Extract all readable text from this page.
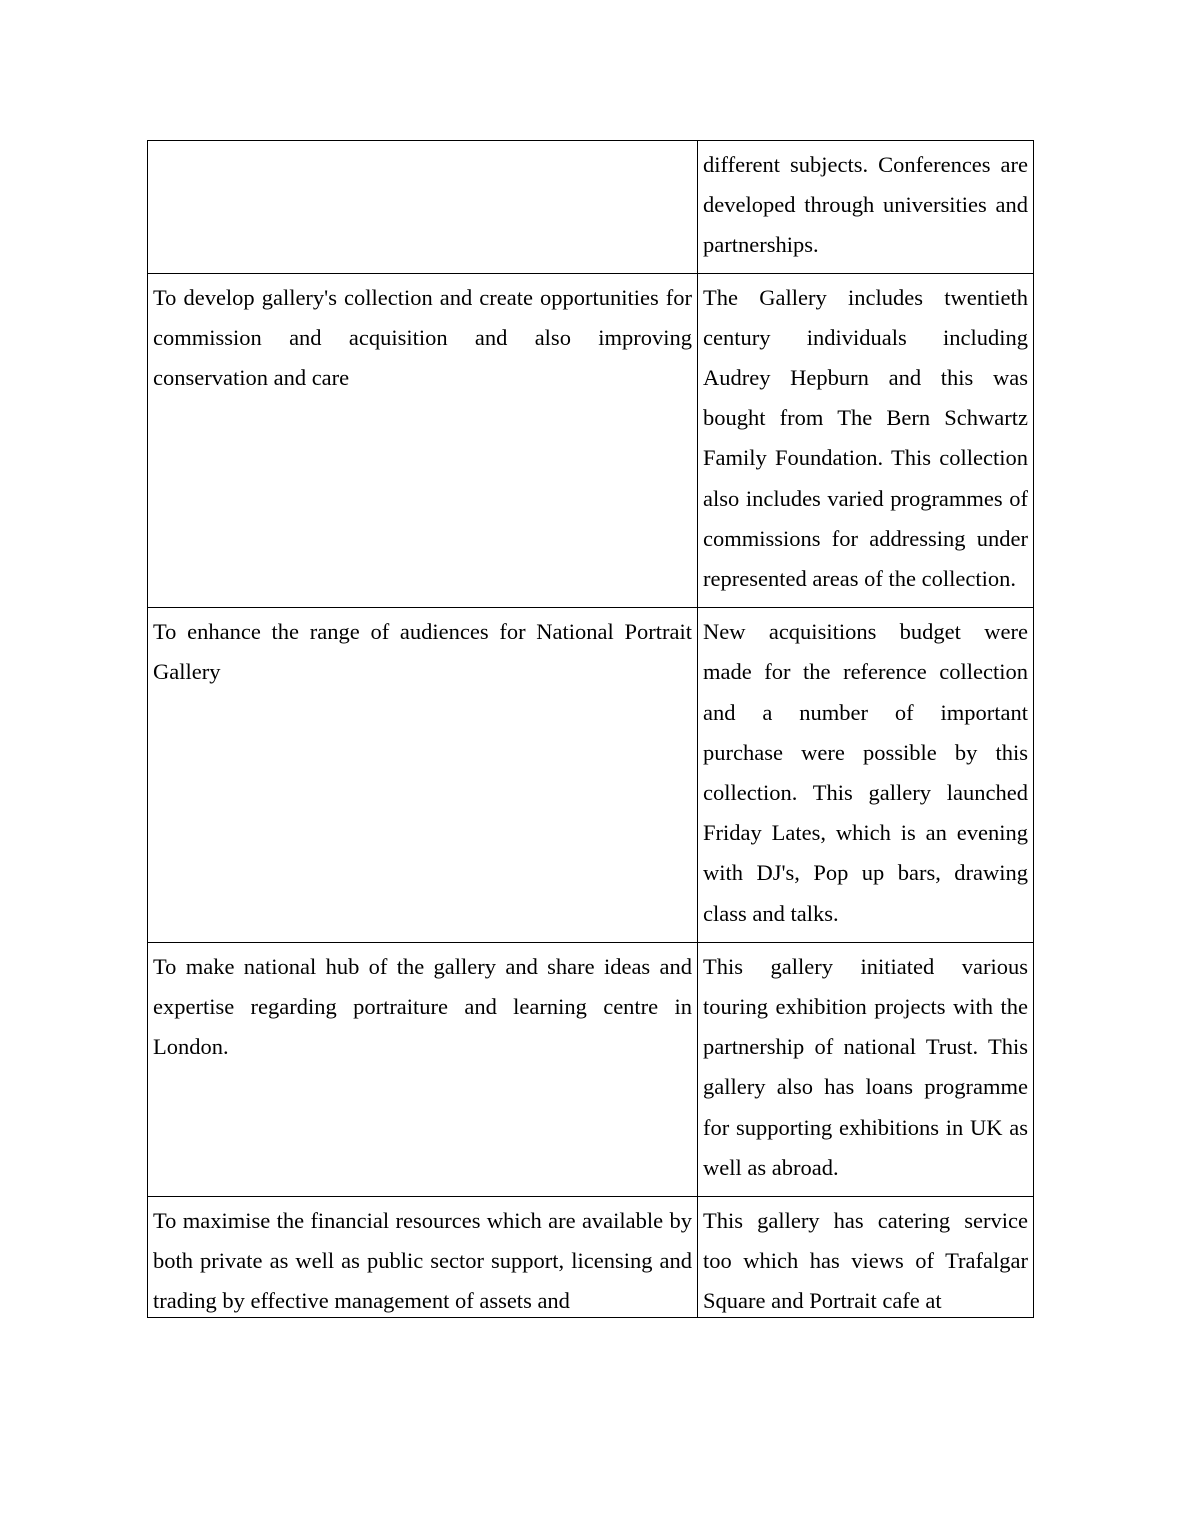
	different subjects. Conferences are developed through universities and partnerships.

To develop gallery's collection and create opportunities for commission and acquisition and also improving conservation and care	The Gallery includes twentieth century individuals including Audrey Hepburn and this was bought from The Bern Schwartz Family Foundation. This collection also includes varied programmes of commissions for addressing under represented areas of the collection.

To enhance the range of audiences for National Portrait Gallery	New acquisitions budget were made for the reference collection and a number of important purchase were possible by this collection. This gallery launched Friday Lates, which is an evening with DJ's, Pop up bars, drawing class and talks.

To make national hub of the gallery and share ideas and expertise regarding portraiture and learning centre in London.	This gallery initiated various touring exhibition projects with the partnership of national Trust. This gallery also has loans programme for supporting exhibitions in UK as well as abroad.

To maximise the financial resources which are available by both private as well as public sector support, licensing and trading by effective management of assets and	This gallery has catering service too which has views of Trafalgar Square and Portrait cafe at
